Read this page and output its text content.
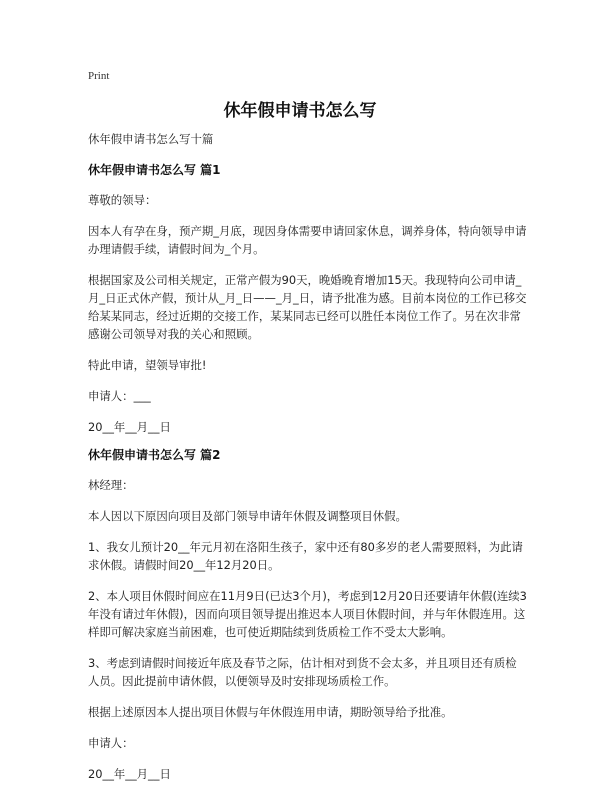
Print
休年假申请书怎么写

休年假申请书怎么写十篇

休年假申请书怎么写 篇1

尊敬的领导：

因本人有孕在身，预产期_月底，现因身体需要申请回家休息，调养身体，特向领导申请办理请假手续，请假时间为_个月。

根据国家及公司相关规定，正常产假为90天，晚婚晚育增加15天。我现特向公司申请_月_日正式休产假，预计从_月_日——_月_日，请予批准为感。目前本岗位的工作已移交给某某同志，经过近期的交接工作，某某同志已经可以胜任本岗位工作了。另在次非常感谢公司领导对我的关心和照顾。

特此申请，望领导审批!

申请人：___

20__年__月__日

休年假申请书怎么写 篇2

林经理：

本人因以下原因向项目及部门领导申请年休假及调整项目休假。

1、我女儿预计20__年元月初在洛阳生孩子，家中还有80多岁的老人需要照料，为此请求休假。请假时间20__年12月20日。

2、本人项目休假时间应在11月9日(已达3个月)，考虑到12月20日还要请年休假(连续3年没有请过年休假)，因而向项目领导提出推迟本人项目休假时间，并与年休假连用。这样即可解决家庭当前困难，也可使近期陆续到货质检工作不受太大影响。

3、考虑到请假时间接近年底及春节之际，估计相对到货不会太多，并且项目还有质检人员。因此提前申请休假，以便领导及时安排现场质检工作。

根据上述原因本人提出项目休假与年休假连用申请，期盼领导给予批准。

申请人：

20__年__月__日
